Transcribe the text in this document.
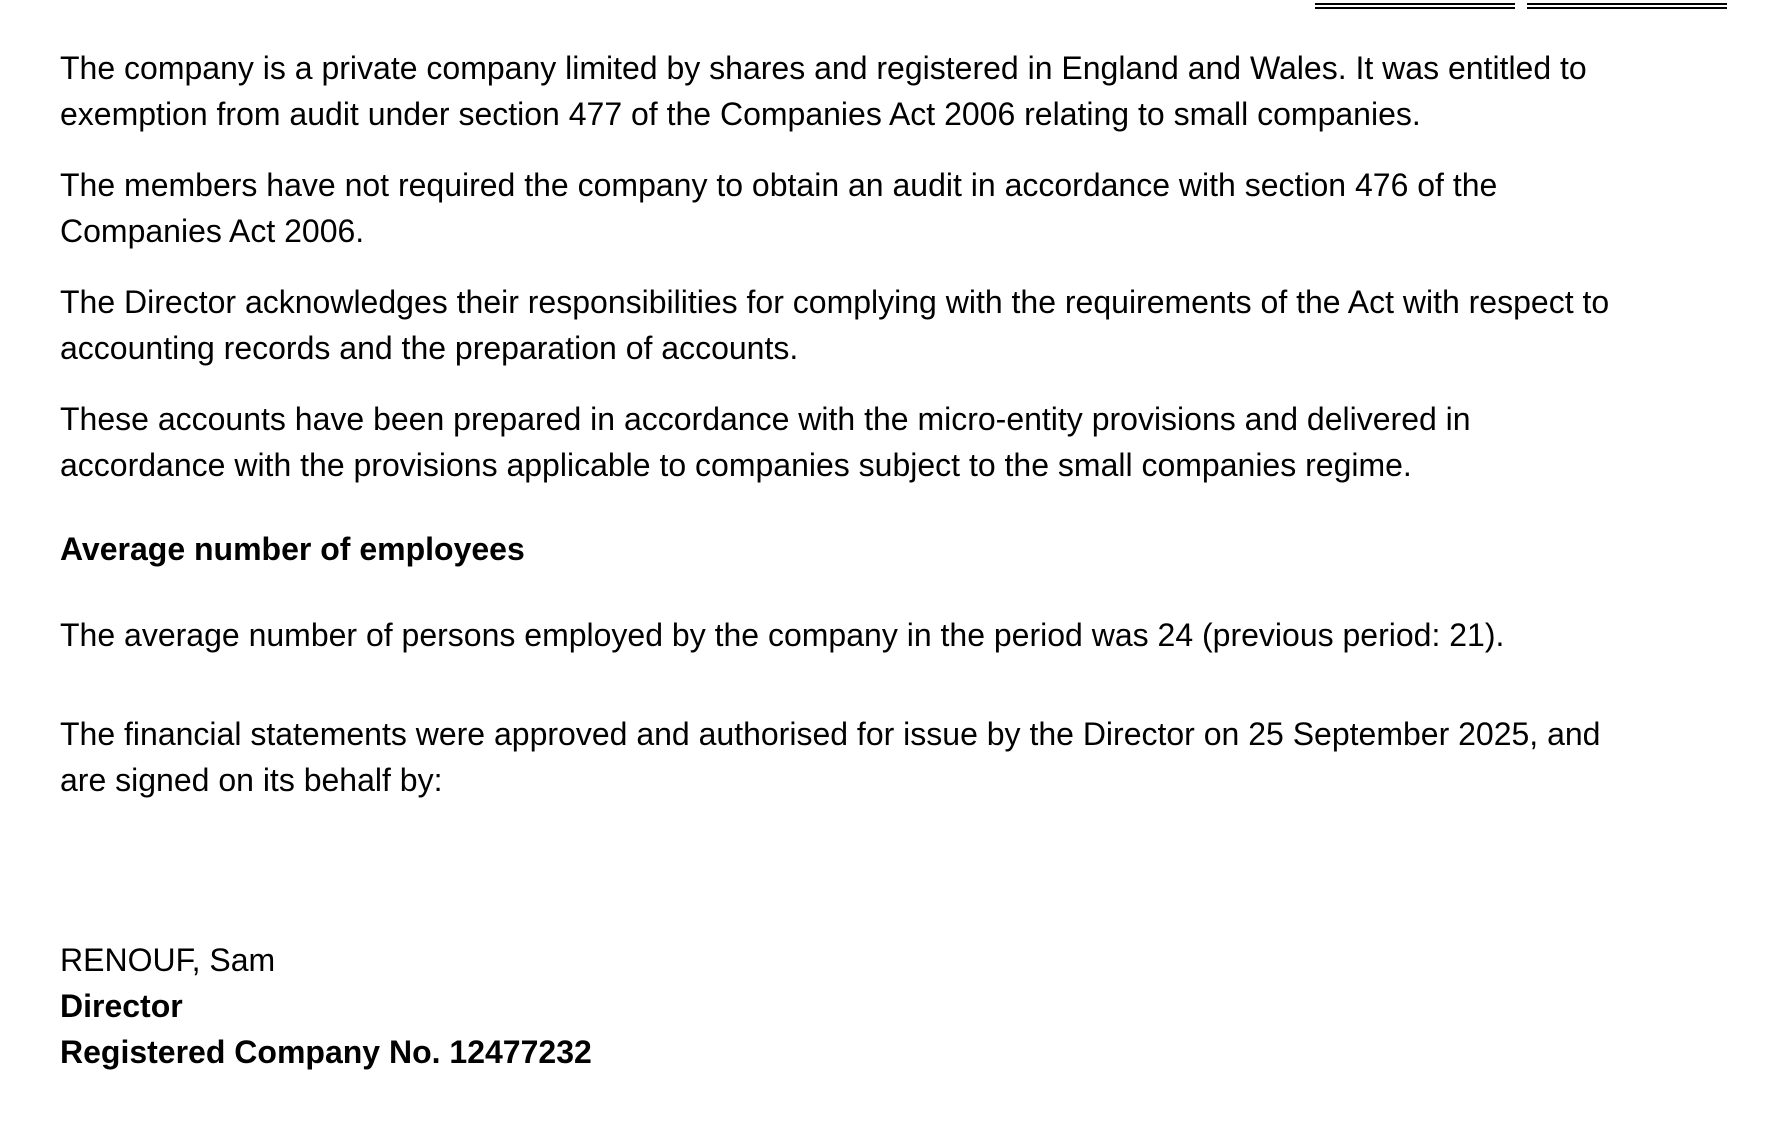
The company is a private company limited by shares and registered in England and Wales. It was entitled to
exemption from audit under section 477 of the Companies Act 2006 relating to small companies.

The members have not required the company to obtain an audit in accordance with section 476 of the
Companies Act 2006.

The Director acknowledges their responsibilities for complying with the requirements of the Act with respect to
accounting records and the preparation of accounts.

These accounts have been prepared in accordance with the micro-entity provisions and delivered in
accordance with the provisions applicable to companies subject to the small companies regime.

Average number of employees

The average number of persons employed by the company in the period was 24 (previous period: 21).

The financial statements were approved and authorised for issue by the Director on 25 September 2025, and
are signed on its behalf by:

RENOUF, Sam
Director
Registered Company No. 12477232
